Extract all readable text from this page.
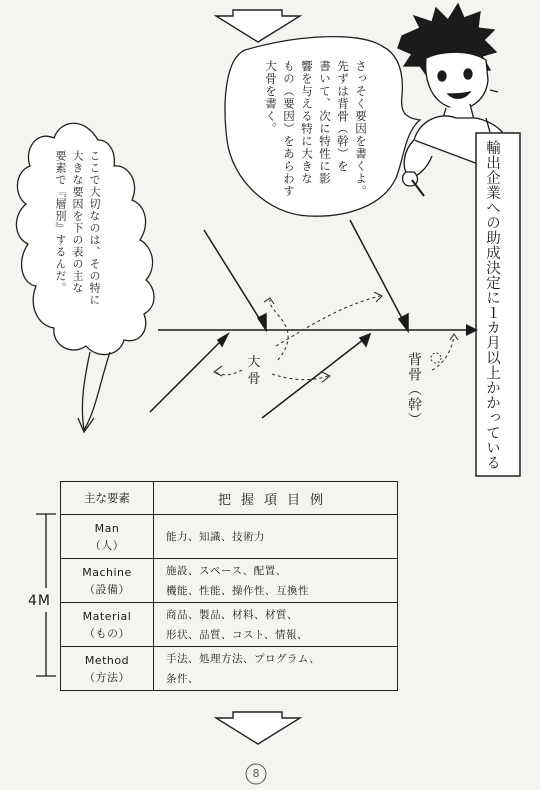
さっそく要因を書くよ。
先ずは背骨（幹）を
書いて、次に特性に影
響を与える特に大きな
もの（要因）をあらわす
大骨を書く。
ここで大切なのは、その特に
大きな要因を下の表の主な
要素で『層別』するんだ。	輸出企業への助成決定に１カ月以上かかっている
大骨	背骨（幹）
主な要素	把握項目例

Man
（人）	能力、知識、技術力

Machine
（設備）	施設、スペース、配置、
機能、性能、操作性、互換性

Material
（もの）	商品、製品、材料、材質、
形状、品質、コスト、情報、

Method
（方法）	手法、処理方法、プログラム、
条件、
4M
8
